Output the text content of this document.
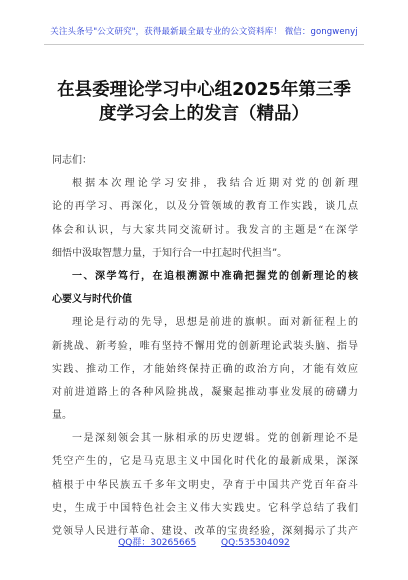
关注头条号"公文研究"，获得最新最全最专业的公文资料库！ 微信：gongwenyj
在县委理论学习中心组2025年第三季
度学习会上的发言（精品）
同志们：
根据本次理论学习安排，我结合近期对党的创新理
论的再学习、再深化，以及分管领域的教育工作实践，谈几点
体会和认识，与大家共同交流研讨。我发言的主题是“在深学
细悟中汲取智慧力量，于知行合一中扛起时代担当”。
一、深学笃行，在追根溯源中准确把握党的创新理论的核
心要义与时代价值
理论是行动的先导，思想是前进的旗帜。面对新征程上的
新挑战、新考验，唯有坚持不懈用党的创新理论武装头脑、指导
实践、推动工作，才能始终保持正确的政治方向，才能有效应
对前进道路上的各种风险挑战，凝聚起推动事业发展的磅礴力
量。
一是深刻领会其一脉相承的历史逻辑。党的创新理论不是
凭空产生的，它是马克思主义中国化时代化的最新成果，深深
植根于中华民族五千多年文明史，孕育于中国共产党百年奋斗
史，生成于中国特色社会主义伟大实践史。它科学总结了我们
党领导人民进行革命、建设、改革的宝贵经验，深刻揭示了共产
QQ群：30265665	QQ:535304092
